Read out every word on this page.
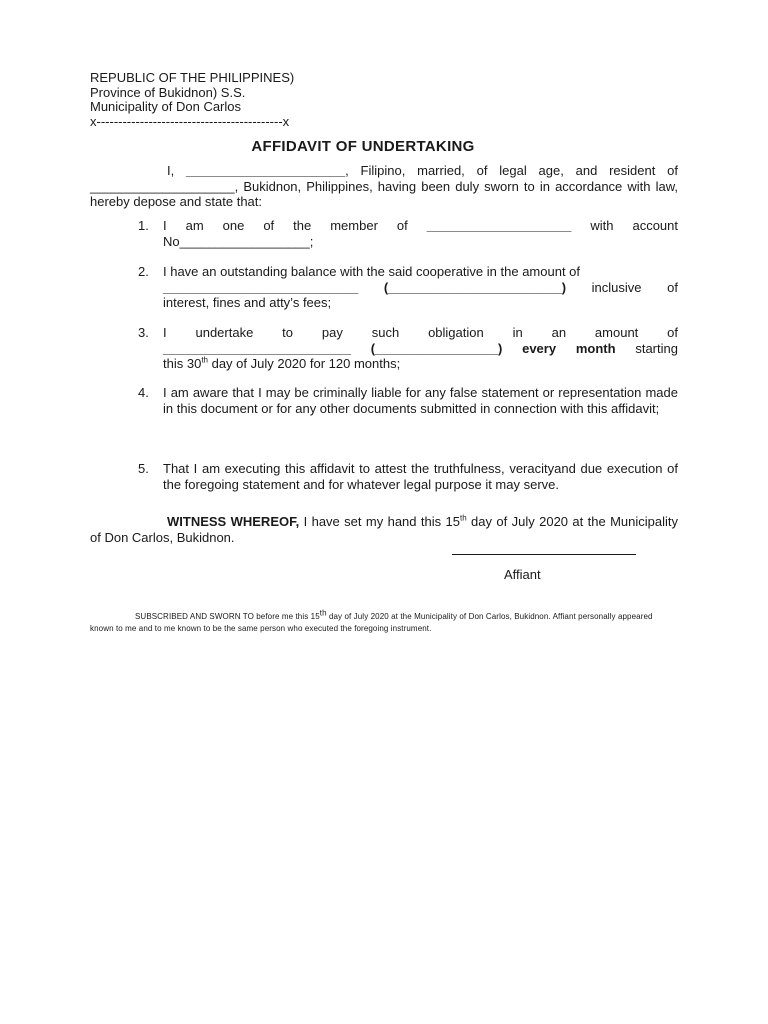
REPUBLIC OF THE PHILIPPINES)
Province of Bukidnon) S.S.
Municipality of Don Carlos
x-------------------------------------------x
AFFIDAVIT OF UNDERTAKING
I, ______________________, Filipino, married, of legal age, and resident of ____________________, Bukidnon, Philippines, having been duly sworn to in accordance with law, hereby depose and state that:
1. I am one of the member of ____________________ with account

No__________________;

2. I have an outstanding balance with the said cooperative in the amount of

___________________________ (________________________) inclusive of

interest, fines and atty’s fees;

3. I undertake to pay such obligation in an amount of

__________________________ (_________________) every month starting

this 30th day of July 2020 for 120 months;

4. I am aware that I may be criminally liable for any false statement or representation made in this document or for any other documents submitted in connection with this affidavit;

5. That I am executing this affidavit to attest the truthfulness, veracityand due execution of the foregoing statement and for whatever legal purpose it may serve.

WITNESS WHEREOF, I have set my hand this 15th day of July 2020 at the Municipality of Don Carlos, Bukidnon.
Affiant
SUBSCRIBED AND SWORN TO before me this 15th day of July 2020 at the Municipality of Don Carlos, Bukidnon. Affiant personally appeared known to me and to me known to be the same person who executed the foregoing instrument.
